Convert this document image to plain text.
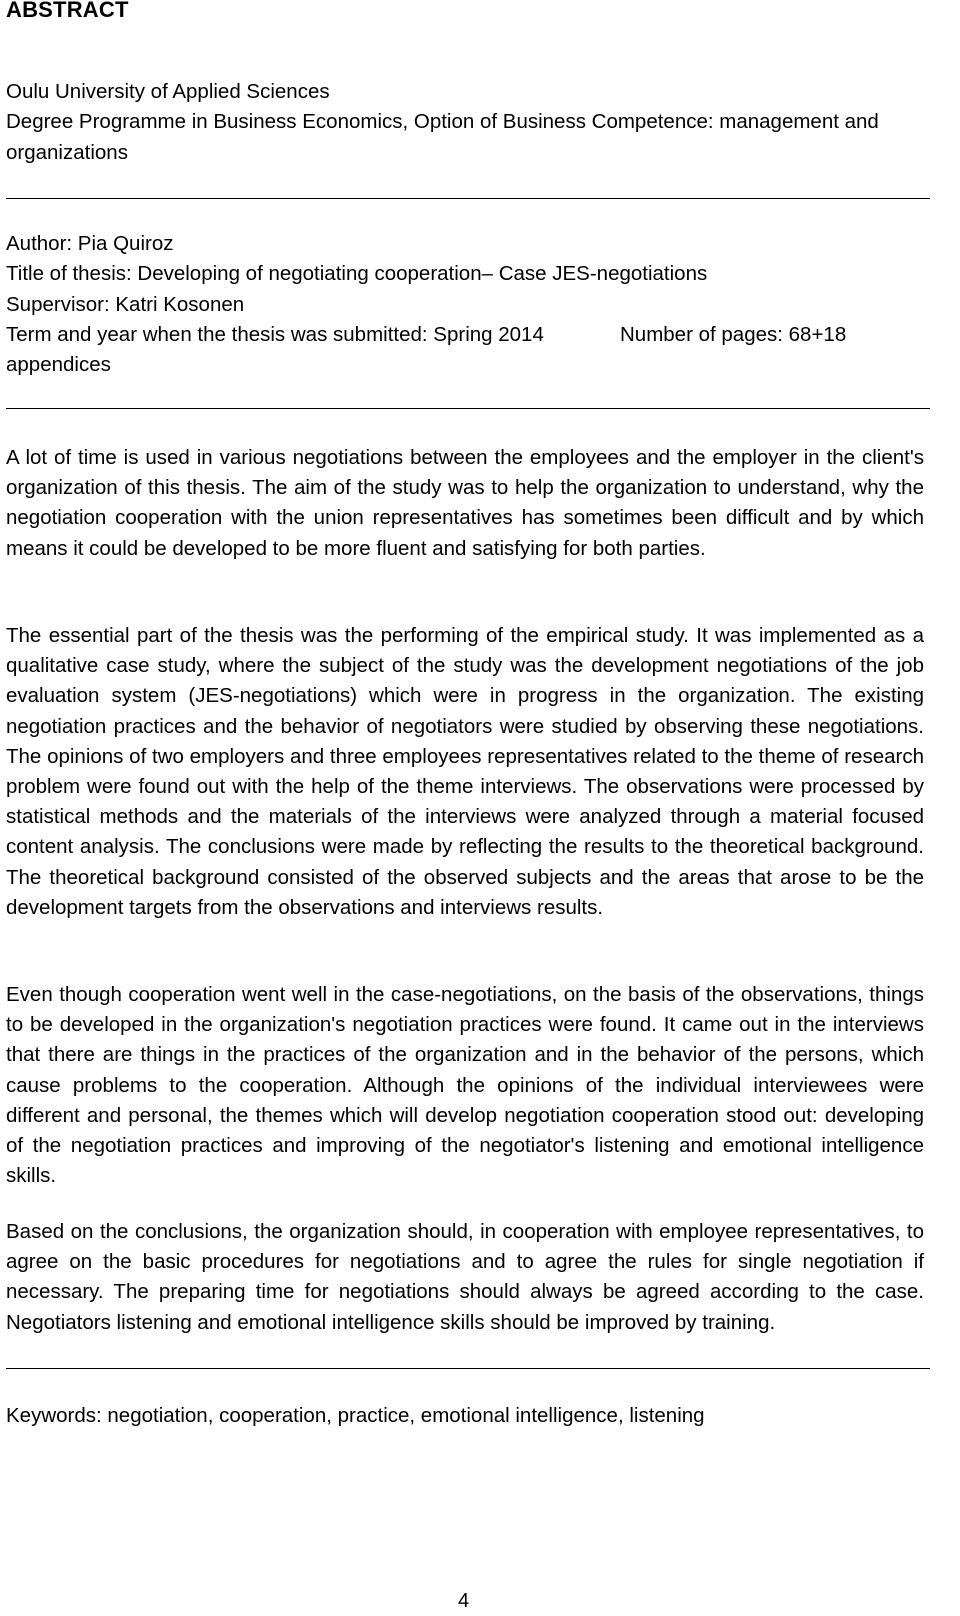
ABSTRACT
Oulu University of Applied Sciences
Degree Programme in Business Economics, Option of Business Competence: management and
organizations
Author: Pia Quiroz
Title of thesis: Developing of negotiating cooperation– Case JES-negotiations
Supervisor: Katri Kosonen
Term and year when the thesis was submitted: Spring 2014	Number of pages: 68+18
appendices
A lot of time is used in various negotiations between the employees and the employer in the client's organization of this thesis. The aim of the study was to help the organization to understand, why the negotiation cooperation with the union representatives has sometimes been difficult and by which means it could be developed to be more fluent and satisfying for both parties.
The essential part of the thesis was the performing of the empirical study. It was implemented as a qualitative case study, where the subject of the study was the development negotiations of the job evaluation system (JES-negotiations) which were in progress in the organization. The existing negotiation practices and the behavior of negotiators were studied by observing these negotiations. The opinions of two employers and three employees representatives related to the theme of research problem were found out with the help of the theme interviews. The observations were processed by statistical methods and the materials of the interviews were analyzed through a material focused content analysis. The conclusions were made by reflecting the results to the theoretical background. The theoretical background consisted of the observed subjects and the areas that arose to be the development targets from the observations and interviews results.
Even though cooperation went well in the case-negotiations, on the basis of the observations, things to be developed in the organization's negotiation practices were found. It came out in the interviews that there are things in the practices of the organization and in the behavior of the persons, which cause problems to the cooperation. Although the opinions of the individual interviewees were different and personal, the themes which will develop negotiation cooperation stood out: developing of the negotiation practices and improving of the negotiator's listening and emotional intelligence skills.
Based on the conclusions, the organization should, in cooperation with employee representatives, to agree on the basic procedures for negotiations and to agree the rules for single negotiation if necessary. The preparing time for negotiations should always be agreed according to the case. Negotiators listening and emotional intelligence skills should be improved by training.
Keywords: negotiation, cooperation, practice, emotional intelligence, listening
4
